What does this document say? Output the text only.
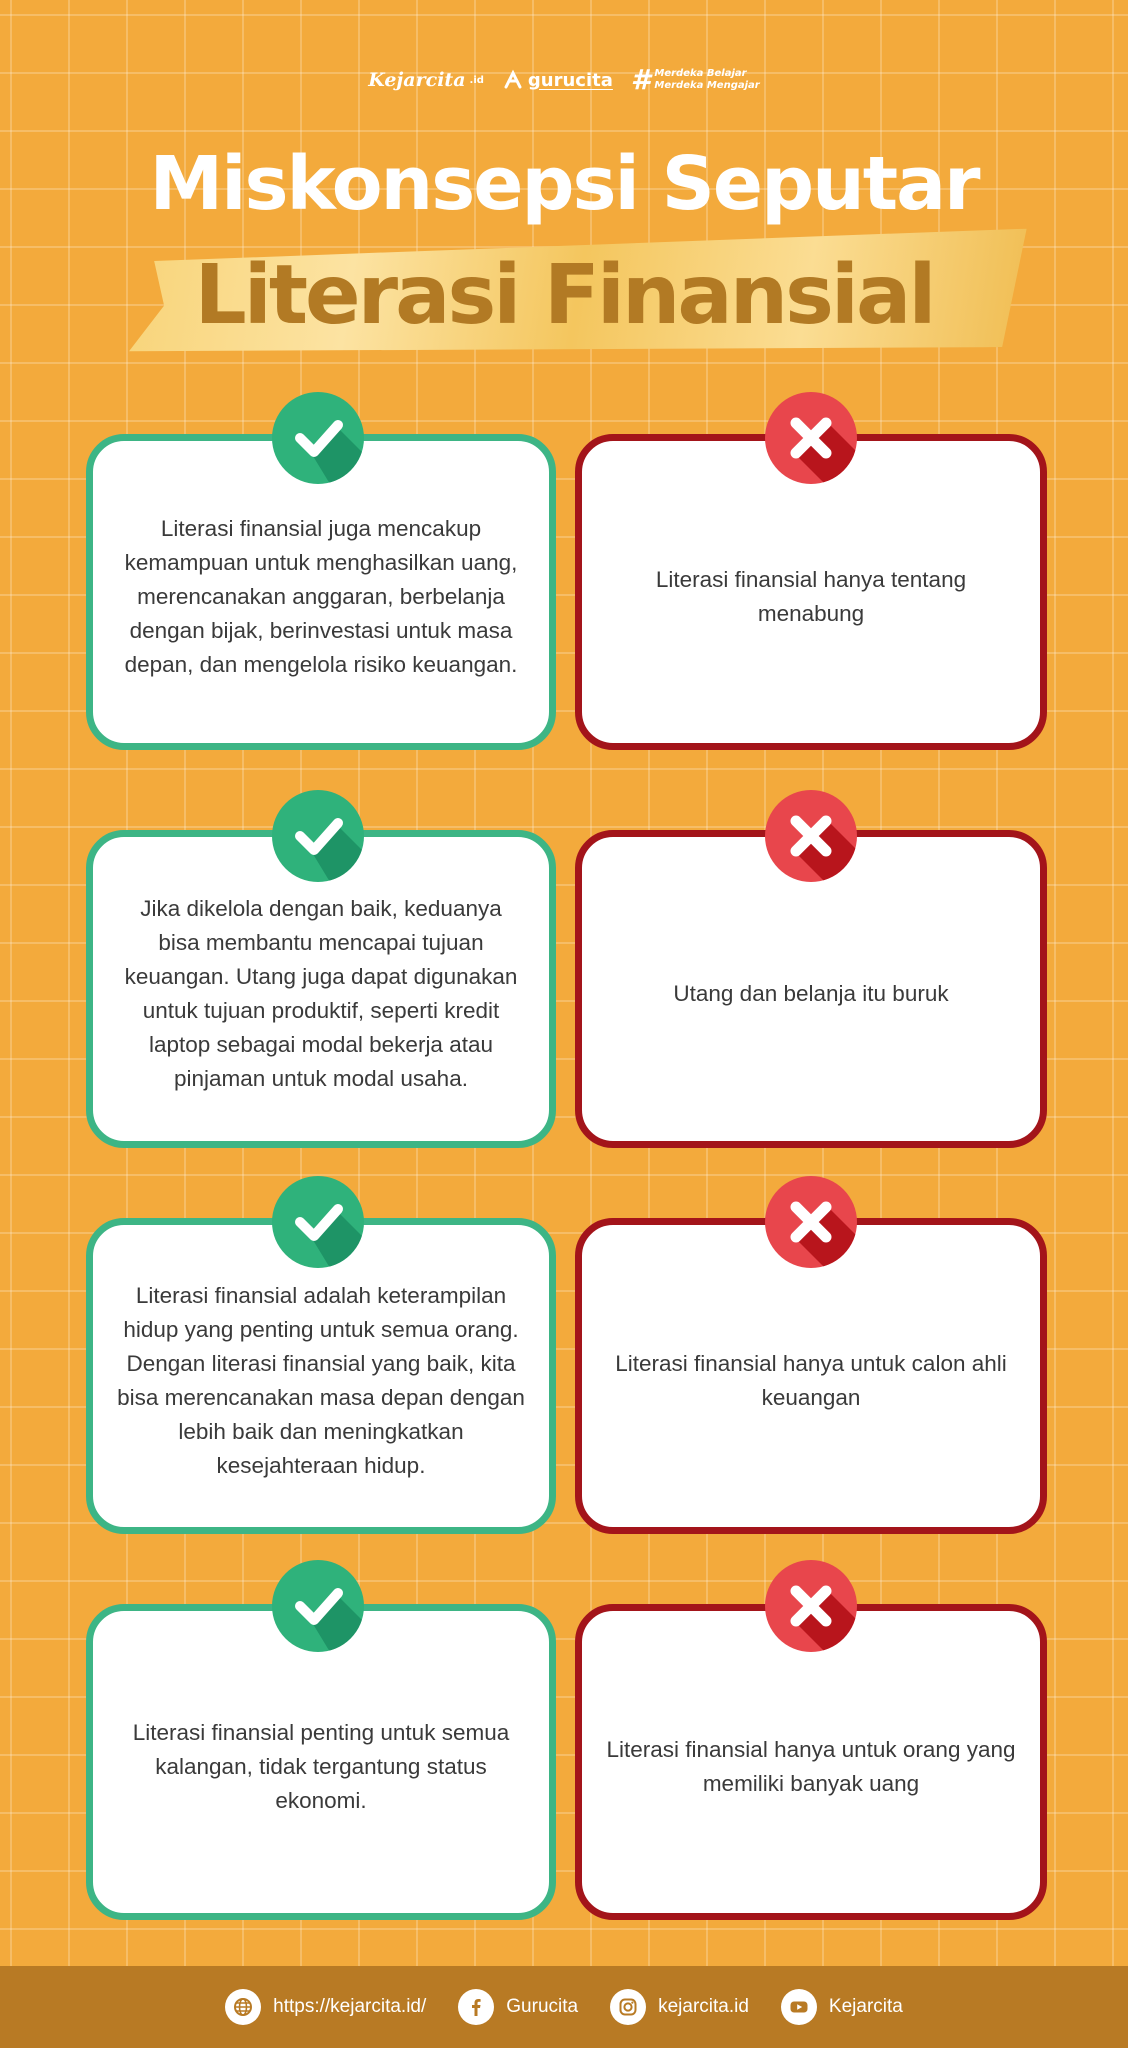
Kejarcita .id gurucita # Merdeka Belajar
Merdeka Mengajar
Miskonsepsi Seputar
Literasi Finansial

Literasi finansial juga mencakup kemampuan untuk menghasilkan uang, merencanakan anggaran, berbelanja dengan bijak, berinvestasi untuk masa depan, dan mengelola risiko keuangan.

Literasi finansial hanya tentang menabung

Jika dikelola dengan baik, keduanya bisa membantu mencapai tujuan keuangan. Utang juga dapat digunakan untuk tujuan produktif, seperti kredit laptop sebagai modal bekerja atau pinjaman untuk modal usaha.

Utang dan belanja itu buruk

Literasi finansial adalah keterampilan hidup yang penting untuk semua orang. Dengan literasi finansial yang baik, kita bisa merencanakan masa depan dengan lebih baik dan meningkatkan kesejahteraan hidup.

Literasi finansial hanya untuk calon ahli keuangan

Literasi finansial penting untuk semua kalangan, tidak tergantung status ekonomi.

Literasi finansial hanya untuk orang yang memiliki banyak uang

https://kejarcita.id/	Gurucita	kejarcita.id	Kejarcita
